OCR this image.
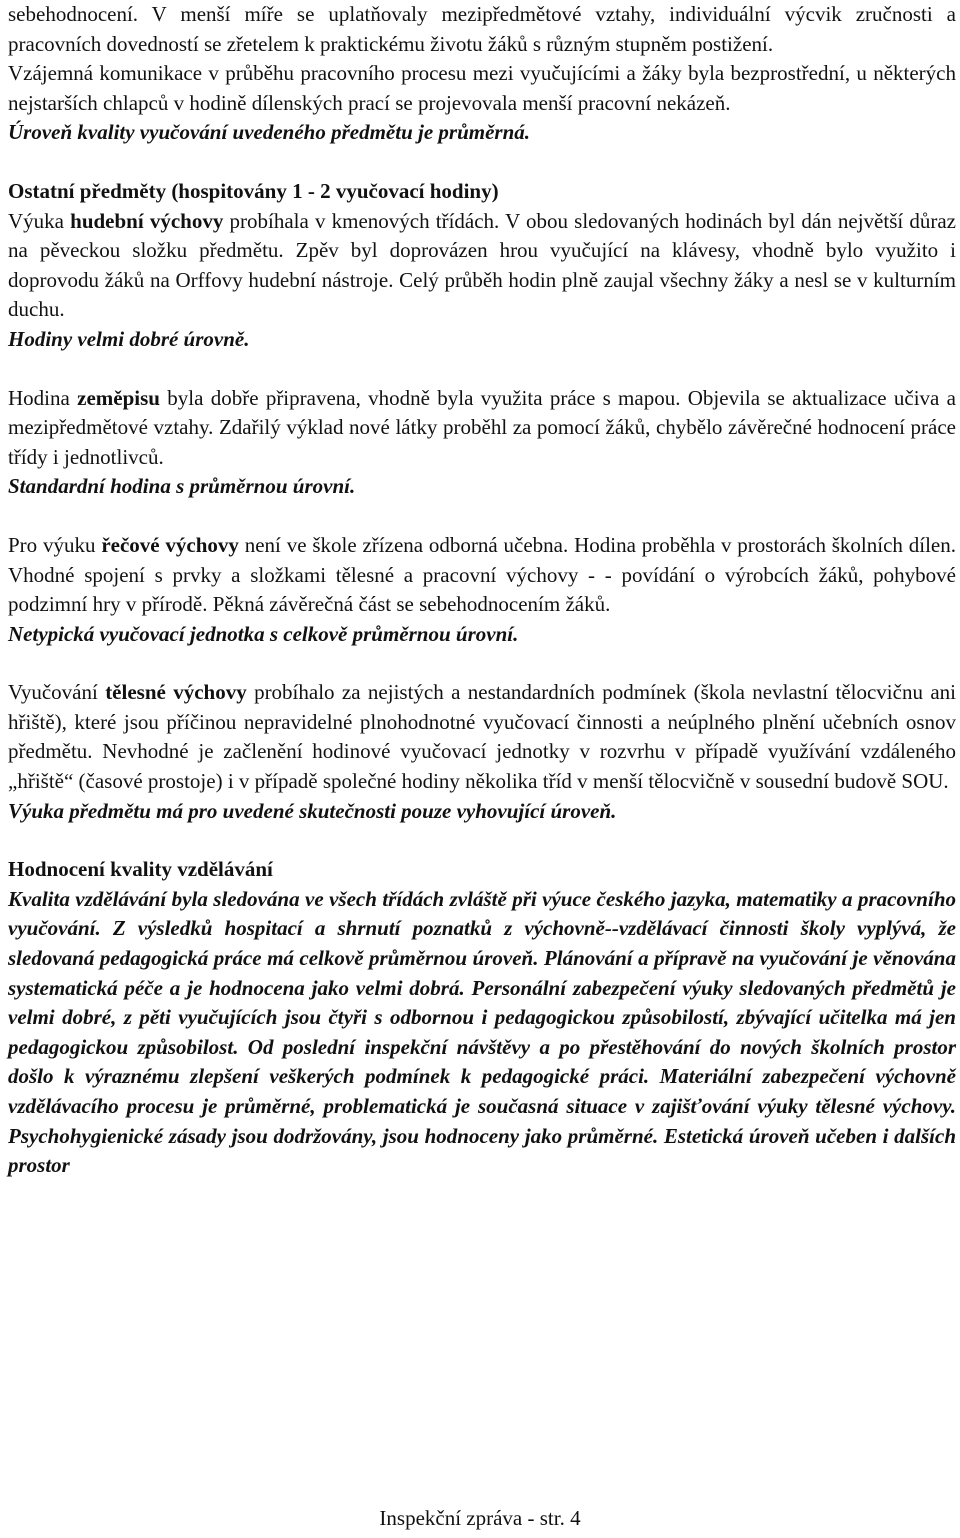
sebehodnocení. V menší míře se uplatňovaly mezipředmětové vztahy, individuální výcvik zručnosti a pracovních dovedností se zřetelem k praktickému životu žáků s různým stupněm postižení.

Vzájemná komunikace v průběhu pracovního procesu mezi vyučujícími a žáky byla bezprostřední, u některých nejstarších chlapců v hodině dílenských prací se projevovala menší pracovní nekázeň.

Úroveň kvality vyučování uvedeného předmětu je průměrná.

Ostatní předměty (hospitovány 1 - 2 vyučovací hodiny)

Výuka hudební výchovy probíhala v kmenových třídách. V obou sledovaných hodinách byl dán největší důraz na pěveckou složku předmětu. Zpěv byl doprovázen hrou vyučující na klávesy, vhodně bylo využito i doprovodu žáků na Orffovy hudební nástroje. Celý průběh hodin plně zaujal všechny žáky a nesl se v kulturním duchu.

Hodiny velmi dobré úrovně.

Hodina zeměpisu byla dobře připravena, vhodně byla využita práce s mapou. Objevila se aktualizace učiva a mezipředmětové vztahy. Zdařilý výklad nové látky proběhl za pomocí žáků, chybělo závěrečné hodnocení práce třídy i jednotlivců.

Standardní hodina s průměrnou úrovní.

Pro výuku řečové výchovy není ve škole zřízena odborná učebna. Hodina proběhla v prostorách školních dílen. Vhodné spojení s prvky a složkami tělesné a pracovní výchovy - - povídání o výrobcích žáků, pohybové podzimní hry v přírodě. Pěkná závěrečná část se sebehodnocením žáků.

Netypická vyučovací jednotka s celkově průměrnou úrovní.

Vyučování tělesné výchovy probíhalo za nejistých a nestandardních podmínek (škola nevlastní tělocvičnu ani hřiště), které jsou příčinou nepravidelné plnohodnotné vyučovací činnosti a neúplného plnění učebních osnov předmětu. Nevhodné je začlenění hodinové vyučovací jednotky v rozvrhu v případě využívání vzdáleného „hřiště“ (časové prostoje) i v případě společné hodiny několika tříd v menší tělocvičně v sousední budově SOU.

Výuka předmětu má pro uvedené skutečnosti pouze vyhovující úroveň.

Hodnocení kvality vzdělávání

Kvalita vzdělávání byla sledována ve všech třídách zvláště při výuce českého jazyka, matematiky a pracovního vyučování. Z výsledků hospitací a shrnutí poznatků z výchovně--vzdělávací činnosti školy vyplývá, že sledovaná pedagogická práce má celkově průměrnou úroveň. Plánování a přípravě na vyučování je věnována systematická péče a je hodnocena jako velmi dobrá. Personální zabezpečení výuky sledovaných předmětů je velmi dobré, z pěti vyučujících jsou čtyři s odbornou i pedagogickou způsobilostí, zbývající učitelka má jen pedagogickou způsobilost. Od poslední inspekční návštěvy a po přestěhování do nových školních prostor došlo k výraznému zlepšení veškerých podmínek k pedagogické práci. Materiální zabezpečení výchovně vzdělávacího procesu je průměrné, problematická je současná situace v zajišťování výuky tělesné výchovy. Psychohygienické zásady jsou dodržovány, jsou hodnoceny jako průměrné. Estetická úroveň učeben i dalších prostor

Inspekční zpráva - str. 4
